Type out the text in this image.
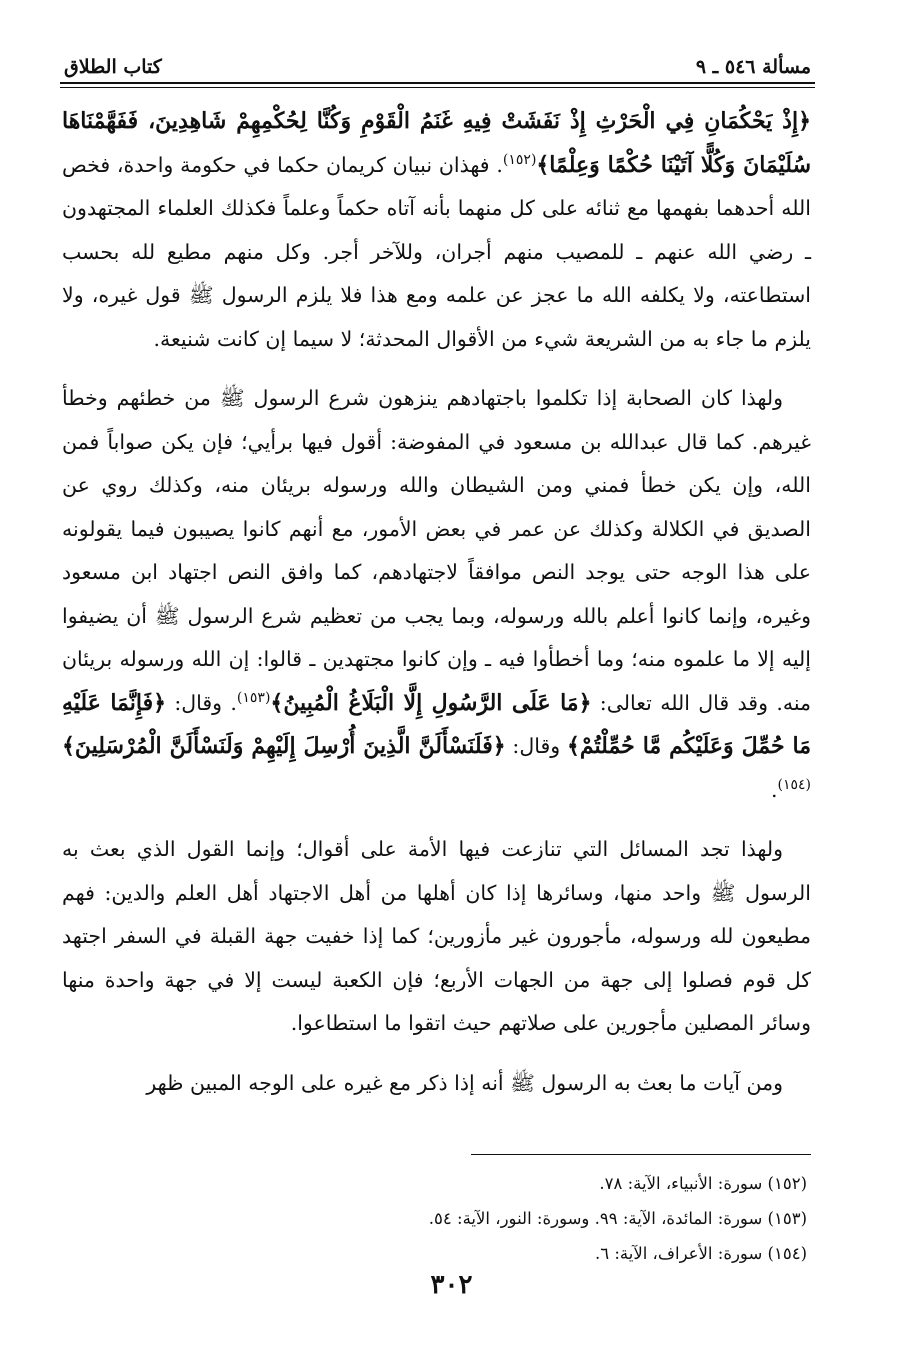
مسألة ٥٤٦ ـ ٩
كتاب الطلاق

﴿إِذْ يَحْكُمَانِ فِي الْحَرْثِ إِذْ نَفَشَتْ فِيهِ غَنَمُ الْقَوْمِ وَكُنَّا لِحُكْمِهِمْ شَاهِدِينَ، فَفَهَّمْنَاهَا سُلَيْمَانَ وَكُلًّا آتَيْنَا حُكْمًا وَعِلْمًا﴾$^{(١٥٢)}$. فهذان نبيان كريمان حكما في حكومة واحدة، فخص الله أحدهما بفهمها مع ثنائه على كل منهما بأنه آتاه حكماً وعلماً فكذلك العلماء المجتهدون ـ رضي الله عنهم ـ للمصيب منهم أجران، وللآخر أجر. وكل منهم مطيع لله بحسب استطاعته، ولا يكلفه الله ما عجز عن علمه ومع هذا فلا يلزم الرسول ﷺ قول غيره، ولا يلزم ما جاء به من الشريعة شيء من الأقوال المحدثة؛ لا سيما إن كانت شنيعة.

ولهذا كان الصحابة إذا تكلموا باجتهادهم ينزهون شرع الرسول ﷺ من خطئهم وخطأ غيرهم. كما قال عبدالله بن مسعود في المفوضة: أقول فيها برأيي؛ فإن يكن صواباً فمن الله، وإن يكن خطأ فمني ومن الشيطان والله ورسوله بريئان منه، وكذلك روي عن الصديق في الكلالة وكذلك عن عمر في بعض الأمور، مع أنهم كانوا يصيبون فيما يقولونه على هذا الوجه حتى يوجد النص موافقاً لاجتهادهم، كما وافق النص اجتهاد ابن مسعود وغيره، وإنما كانوا أعلم بالله ورسوله، وبما يجب من تعظيم شرع الرسول ﷺ أن يضيفوا إليه إلا ما علموه منه؛ وما أخطأوا فيه ـ وإن كانوا مجتهدين ـ قالوا: إن الله ورسوله بريئان منه. وقد قال الله تعالى: ﴿مَا عَلَى الرَّسُولِ إِلَّا الْبَلَاغُ الْمُبِينُ﴾$^{(١٥٣)}$. وقال: ﴿فَإِنَّمَا عَلَيْهِ مَا حُمِّلَ وَعَلَيْكُم مَّا حُمِّلْتُمْ﴾ وقال: ﴿فَلَنَسْأَلَنَّ الَّذِينَ أُرْسِلَ إِلَيْهِمْ وَلَنَسْأَلَنَّ الْمُرْسَلِينَ﴾$^{(١٥٤)}$.

ولهذا تجد المسائل التي تنازعت فيها الأمة على أقوال؛ وإنما القول الذي بعث به الرسول ﷺ واحد منها، وسائرها إذا كان أهلها من أهل الاجتهاد أهل العلم والدين: فهم مطيعون لله ورسوله، مأجورون غير مأزورين؛ كما إذا خفيت جهة القبلة في السفر اجتهد كل قوم فصلوا إلى جهة من الجهات الأربع؛ فإن الكعبة ليست إلا في جهة واحدة منها وسائر المصلين مأجورين على صلاتهم حيث اتقوا ما استطاعوا.

ومن آيات ما بعث به الرسول ﷺ أنه إذا ذكر مع غيره على الوجه المبين ظهر

(١٥٢) سورة: الأنبياء، الآية: ٧٨.

(١٥٣) سورة: المائدة، الآية: ٩٩. وسورة: النور، الآية: ٥٤.

(١٥٤) سورة: الأعراف، الآية: ٦.

٣٠٢
